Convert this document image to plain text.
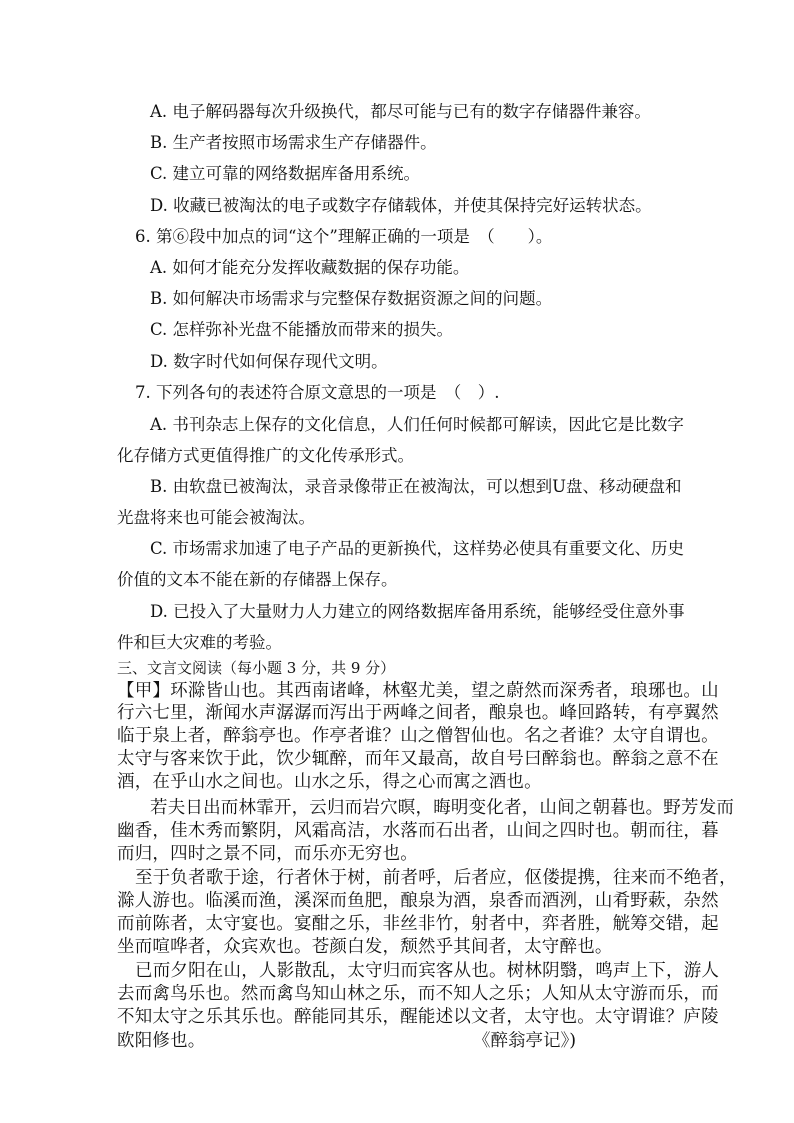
A. 电子解码器每次升级换代，都尽可能与已有的数字存储器件兼容。
B. 生产者按照市场需求生产存储器件。
C. 建立可靠的网络数据库备用系统。
D. 收藏已被淘汰的电子或数字存储载体，并使其保持完好运转状态。
6. 第⑥段中加点的词“这个”理解正确的一项是　（　　）。
A. 如何才能充分发挥收藏数据的保存功能。
B. 如何解决市场需求与完整保存数据资源之间的问题。
C. 怎样弥补光盘不能播放而带来的损失。
D. 数字时代如何保存现代文明。
7. 下列各句的表述符合原文意思的一项是　（　）.
A. 书刊杂志上保存的文化信息，人们任何时候都可解读，因此它是比数字
化存储方式更值得推广的文化传承形式。
B. 由软盘已被淘汰，录音录像带正在被淘汰，可以想到U盘、移动硬盘和
光盘将来也可能会被淘汰。
C. 市场需求加速了电子产品的更新换代，这样势必使具有重要文化、历史
价值的文本不能在新的存储器上保存。
D. 已投入了大量财力人力建立的网络数据库备用系统，能够经受住意外事
件和巨大灾难的考验。
三、文言文阅读（每小题 3 分，共 9 分）
【甲】环滁皆山也。其西南诸峰，林壑尤美，望之蔚然而深秀者，琅琊也。山
行六七里，渐闻水声潺潺而泻出于两峰之间者，酿泉也。峰回路转，有亭翼然
临于泉上者，醉翁亭也。作亭者谁？山之僧智仙也。名之者谁？太守自谓也。
太守与客来饮于此，饮少辄醉，而年又最高，故自号曰醉翁也。醉翁之意不在
酒，在乎山水之间也。山水之乐，得之心而寓之酒也。
若夫日出而林霏开，云归而岩穴暝，晦明变化者，山间之朝暮也。野芳发而
幽香，佳木秀而繁阴，风霜高洁，水落而石出者，山间之四时也。朝而往，暮
而归，四时之景不同，而乐亦无穷也。
至于负者歌于途，行者休于树，前者呼，后者应，伛偻提携，往来而不绝者，
滁人游也。临溪而渔，溪深而鱼肥，酿泉为酒，泉香而酒洌，山肴野蔌，杂然
而前陈者，太守宴也。宴酣之乐，非丝非竹，射者中，弈者胜，觥筹交错，起
坐而喧哗者，众宾欢也。苍颜白发，颓然乎其间者，太守醉也。
已而夕阳在山，人影散乱，太守归而宾客从也。树林阴翳，鸣声上下，游人
去而禽鸟乐也。然而禽鸟知山林之乐，而不知人之乐；人知从太守游而乐，而
不知太守之乐其乐也。醉能同其乐，醒能述以文者，太守也。太守谓谁？庐陵
欧阳修也。	《醉翁亭记》)
